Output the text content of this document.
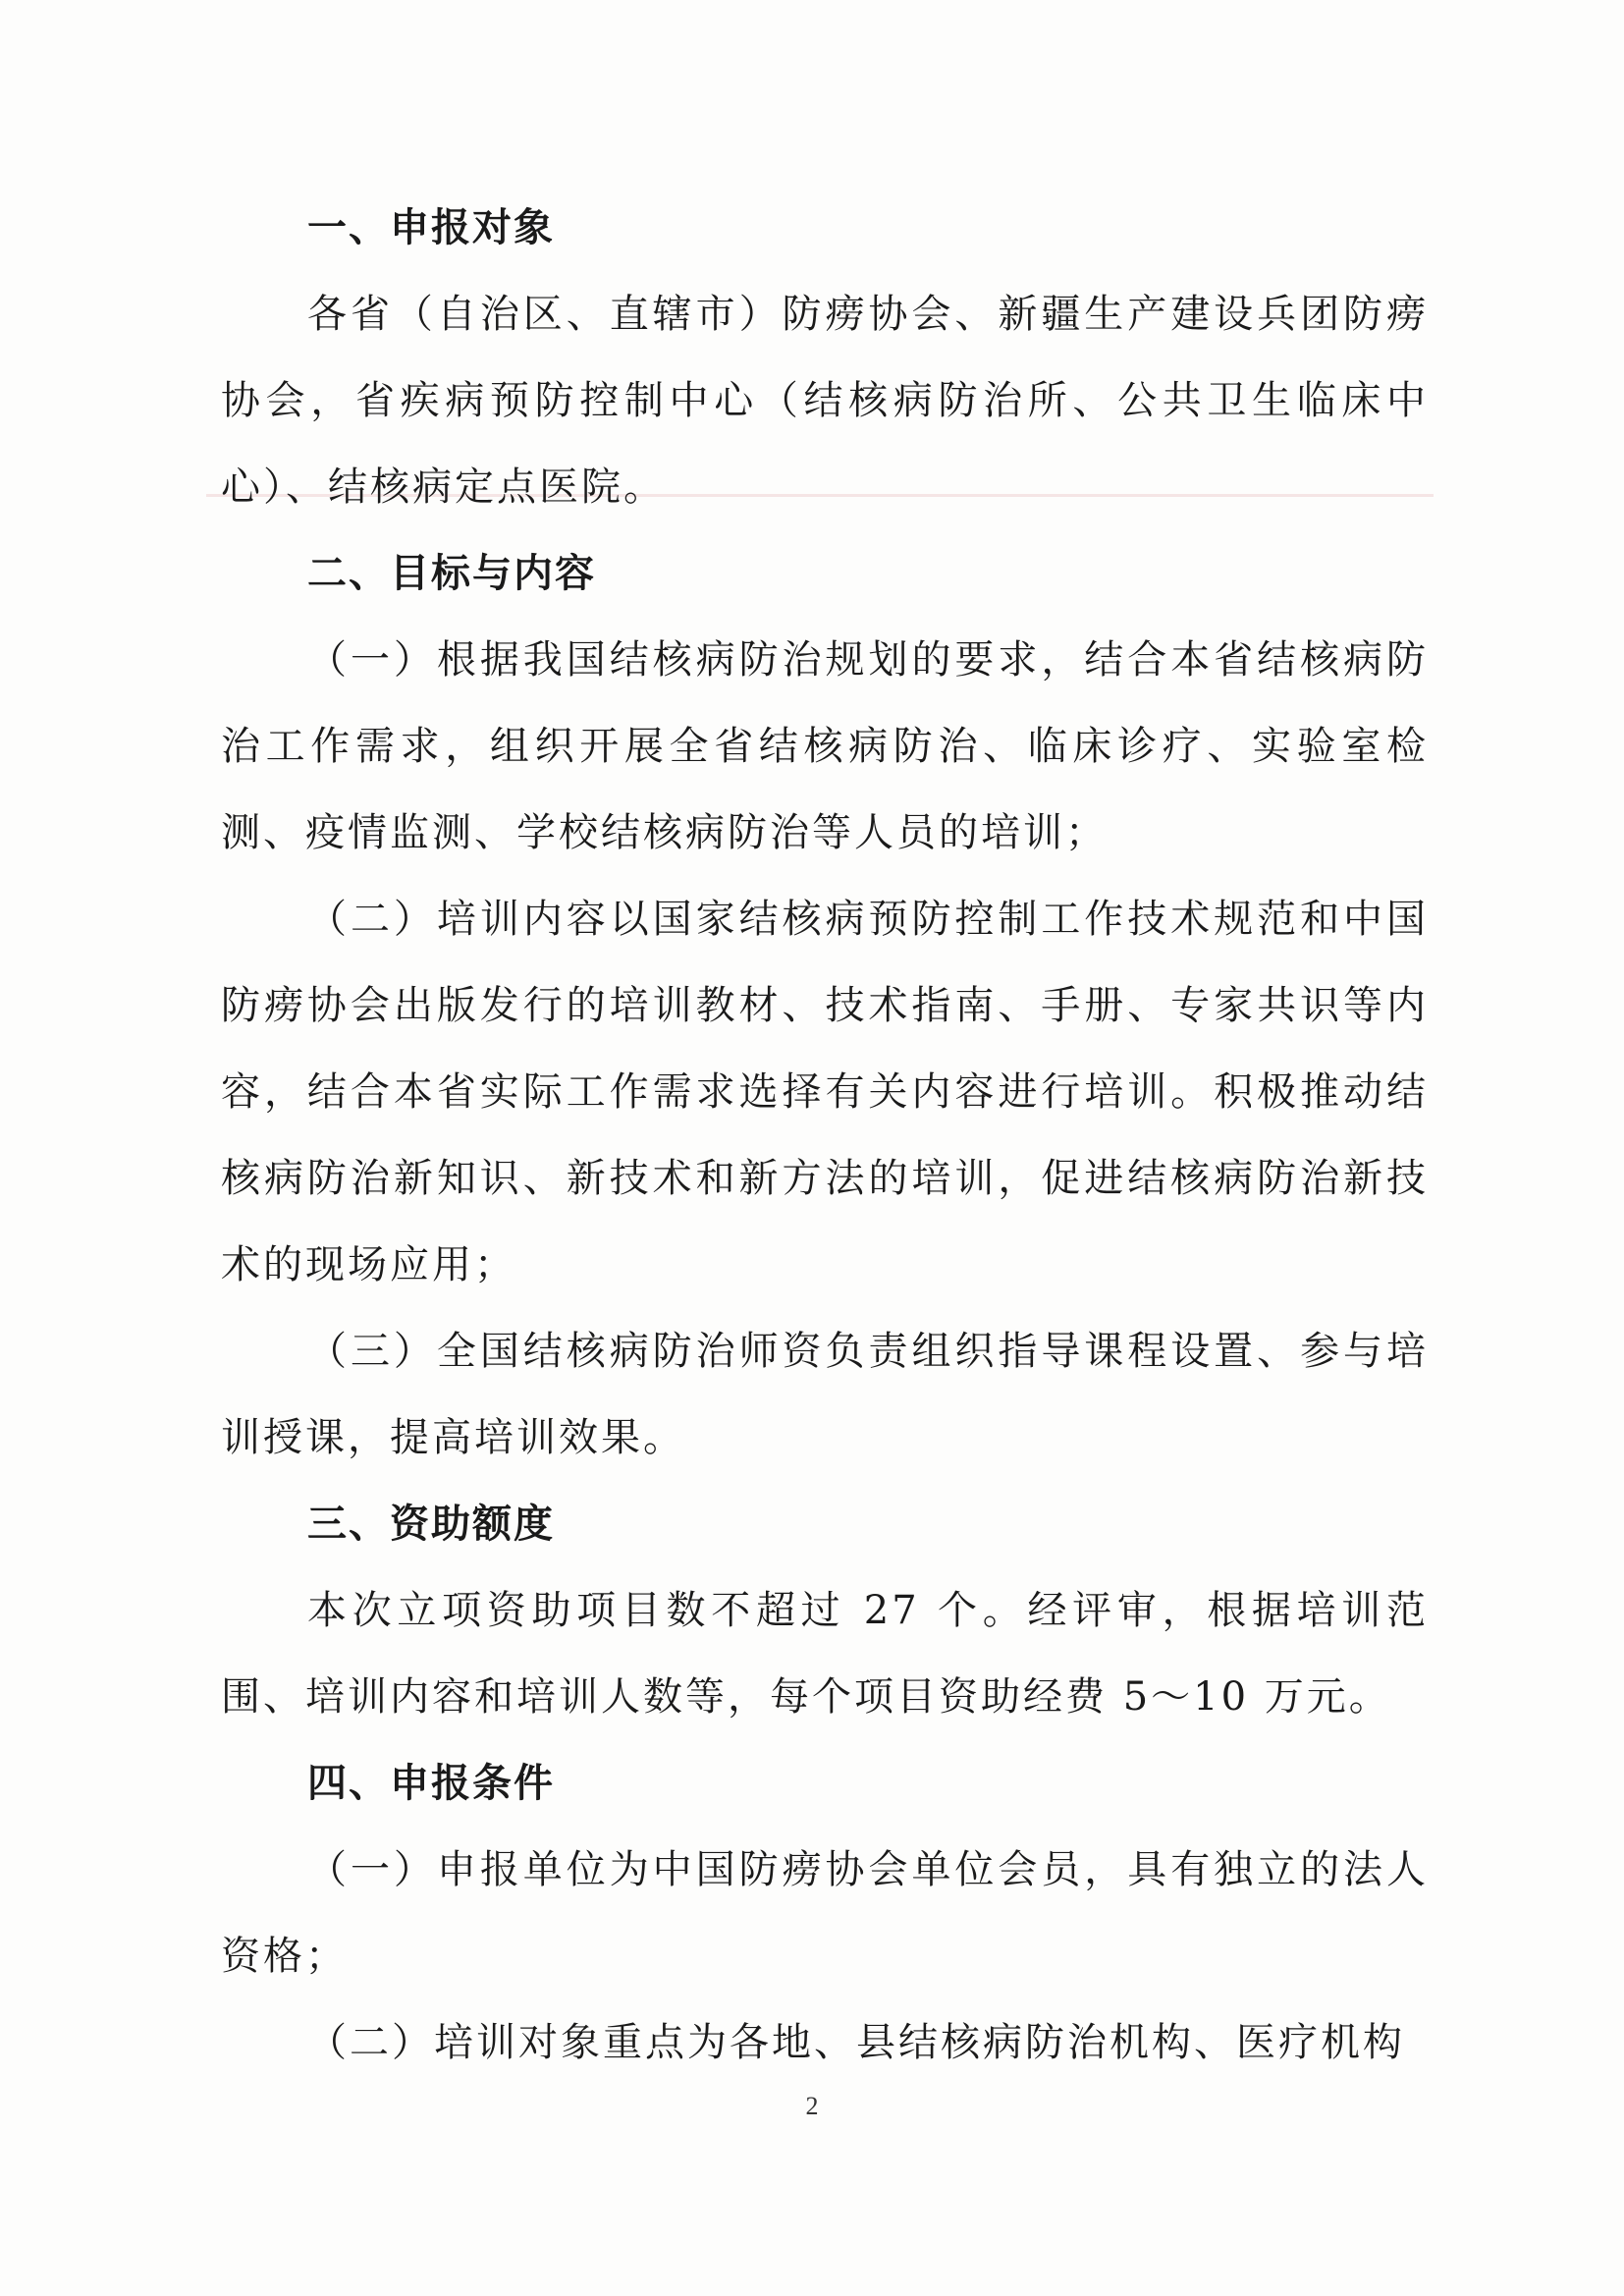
一、申报对象
各省（自治区、直辖市）防痨协会、新疆生产建设兵团防痨协会，省疾病预防控制中心（结核病防治所、公共卫生临床中心）、结核病定点医院。
二、目标与内容
（一）根据我国结核病防治规划的要求，结合本省结核病防治工作需求，组织开展全省结核病防治、临床诊疗、实验室检测、疫情监测、学校结核病防治等人员的培训；
（二）培训内容以国家结核病预防控制工作技术规范和中国防痨协会出版发行的培训教材、技术指南、手册、专家共识等内容，结合本省实际工作需求选择有关内容进行培训。积极推动结核病防治新知识、新技术和新方法的培训，促进结核病防治新技术的现场应用；
（三）全国结核病防治师资负责组织指导课程设置、参与培训授课，提高培训效果。
三、资助额度
本次立项资助项目数不超过 27 个。经评审，根据培训范围、培训内容和培训人数等，每个项目资助经费 5～10 万元。
四、申报条件
（一）申报单位为中国防痨协会单位会员，具有独立的法人资格；
（二）培训对象重点为各地、县结核病防治机构、医疗机构
2
